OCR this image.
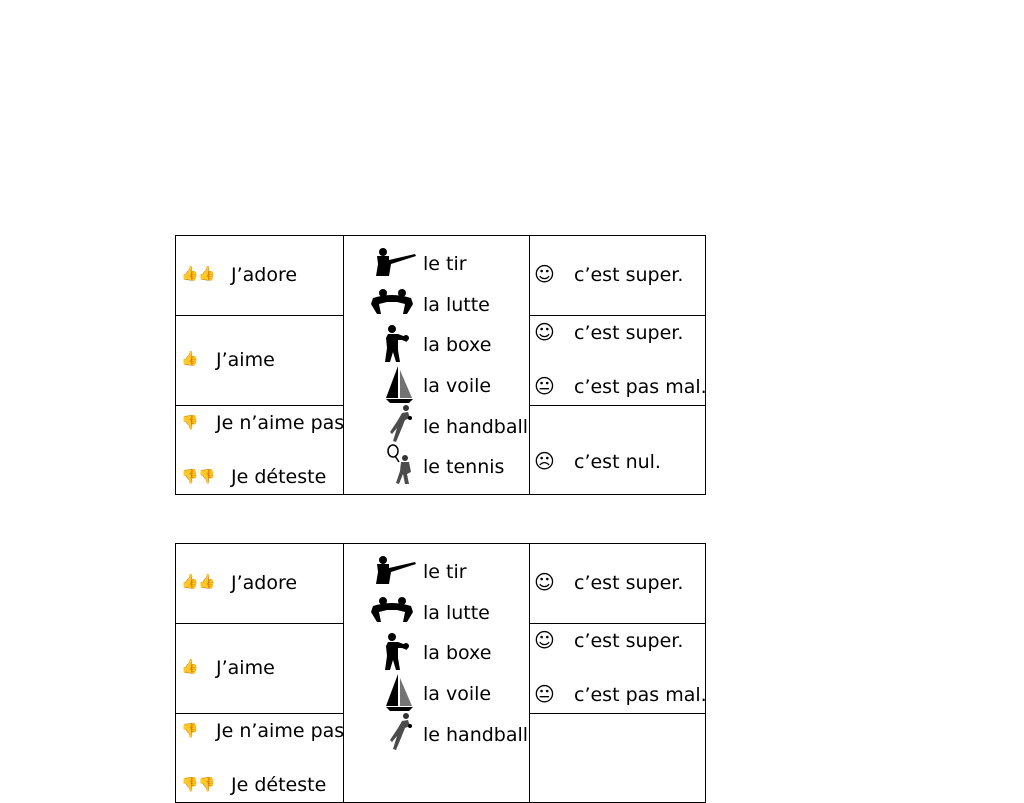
👍👍 J’adore
👍 J’aime
👎 Je n’aime pas
👎👎 Je déteste
le tir
la lutte
la boxe
la voile
le handball
le tennis
☺ c’est super.
☺ c’est super.
😐 c’est pas mal.
☹ c’est nul.
👍👍 J’adore
👍 J’aime
👎 Je n’aime pas
👎👎 Je déteste
le tir
la lutte
la boxe
la voile
le handball
☺ c’est super.
☺ c’est super.
😐 c’est pas mal.
